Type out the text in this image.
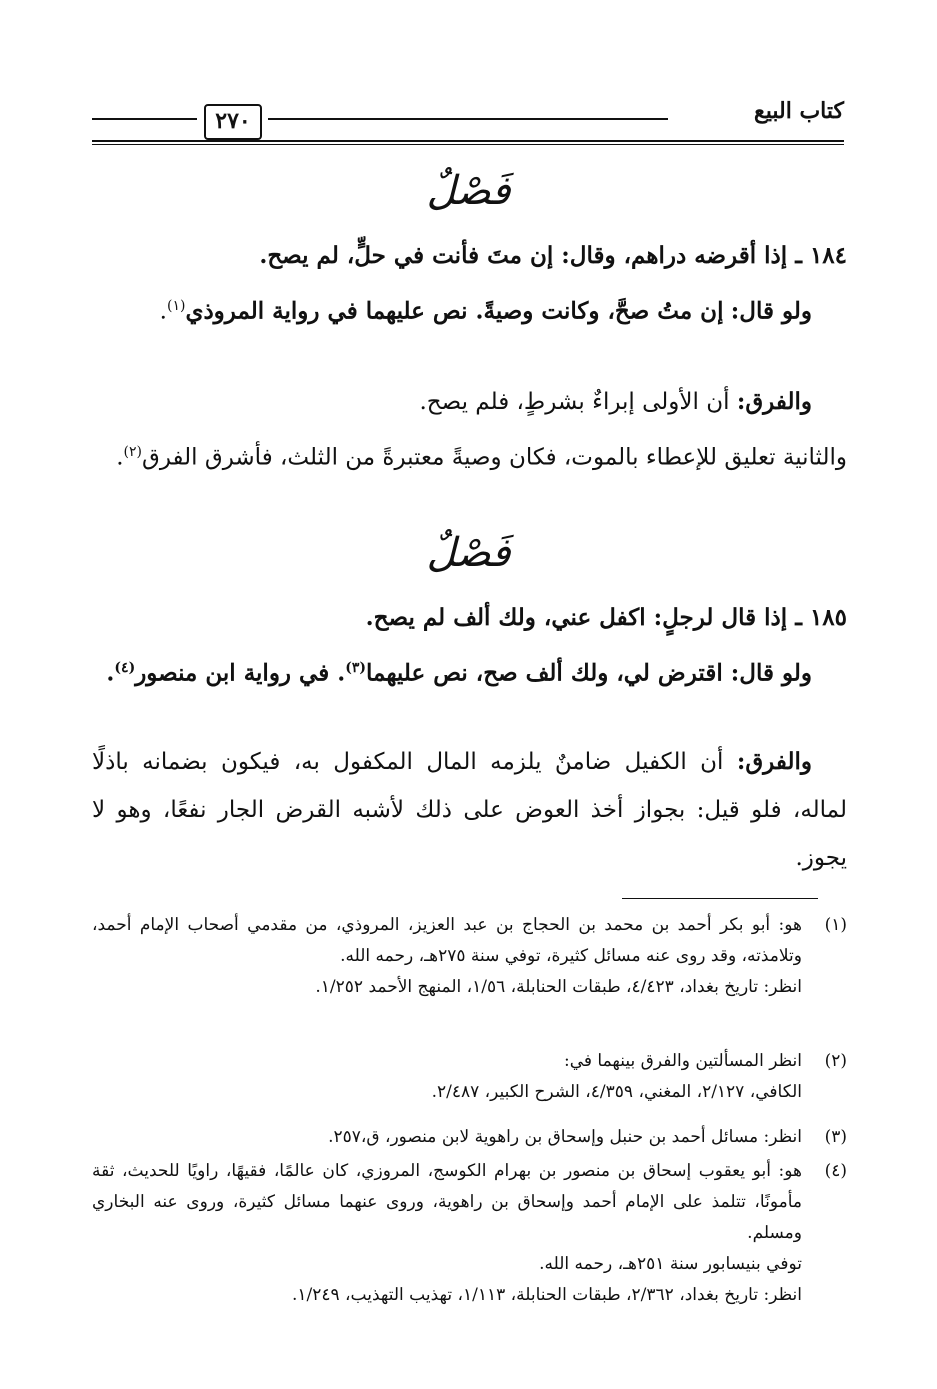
كتاب البيع
٢٧٠
فَصْلٌ
١٨٤ ـ إذا أقرضه دراهم، وقال: إن متَ فأنت في حلٍّ، لم يصح.
ولو قال: إن متُ صحَّ، وكانت وصيةً. نص عليهما في رواية المروذي$^{(١)}$.
والفرق: أن الأولى إبراءٌ بشرطٍ، فلم يصح.
والثانية تعليق للإعطاء بالموت، فكان وصيةً معتبرةً من الثلث، فأشرق الفرق$^{(٢)}$.
فَصْلٌ
١٨٥ ـ إذا قال لرجلٍ: اكفل عني، ولك ألف لم يصح.
ولو قال: اقترض لي، ولك ألف صح، نص عليهما$^{(٣)}$. في رواية ابن منصور$^{(٤)}$.
والفرق: أن الكفيل ضامنٌ يلزمه المال المكفول به، فيكون بضمانه باذلًا لماله، فلو قيل: بجواز أخذ العوض على ذلك لأشبه القرض الجار نفعًا، وهو لا يجوز.
(١)
هو: أبو بكر أحمد بن محمد بن الحجاج بن عبد العزيز، المروذي، من مقدمي أصحاب الإمام أحمد، وتلامذته، وقد روى عنه مسائل كثيرة، توفي سنة ٢٧٥هـ، رحمه الله.
انظر: تاريخ بغداد، ٤/٤٢٣، طبقات الحنابلة، ١/٥٦، المنهج الأحمد ١/٢٥٢.
(٢)
انظر المسألتين والفرق بينهما في:
الكافي، ٢/١٢٧، المغني، ٤/٣٥٩، الشرح الكبير، ٢/٤٨٧.
(٣)
انظر: مسائل أحمد بن حنبل وإسحاق بن راهوية لابن منصور، ق،٢٥٧.
(٤)
هو: أبو يعقوب إسحاق بن منصور بن بهرام الكوسج، المروزي، كان عالمًا، فقيهًا، راويًا للحديث، ثقة مأمونًا، تتلمذ على الإمام أحمد وإسحاق بن راهوية، وروى عنهما مسائل كثيرة، وروى عنه البخاري ومسلم.
توفي بنيسابور سنة ٢٥١هـ، رحمه الله.
انظر: تاريخ بغداد، ٢/٣٦٢، طبقات الحنابلة، ١/١١٣، تهذيب التهذيب، ١/٢٤٩.
